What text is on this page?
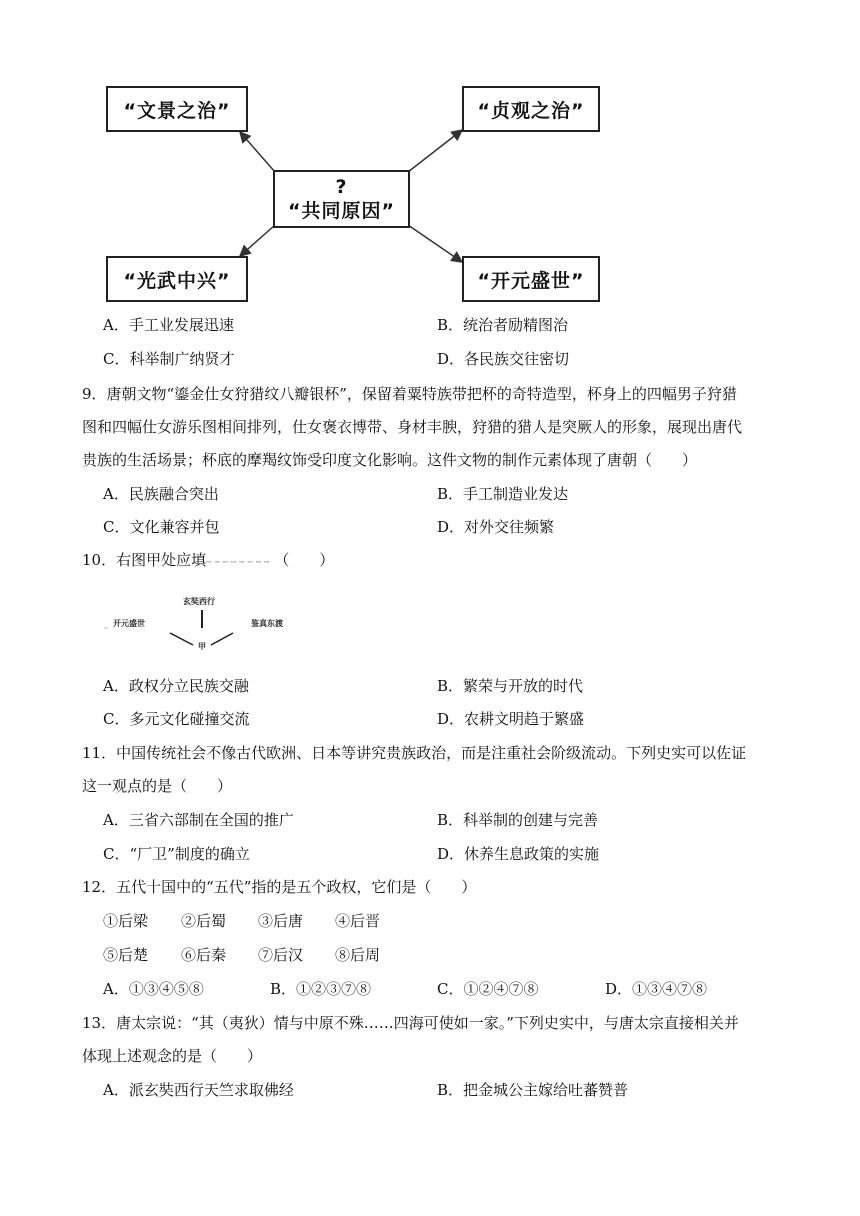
“文景之治”	“贞观之治”
?
“共同原因”
“光武中兴”	“开元盛世”
A．手工业发展迅速	B．统治者励精图治
C．科举制广纳贤才	D．各民族交往密切
9．唐朝文物“鎏金仕女狩猎纹八瓣银杯”，保留着粟特族带把杯的奇特造型，杯身上的四幅男子狩猎
图和四幅仕女游乐图相间排列，仕女褒衣博带、身材丰腴，狩猎的猎人是突厥人的形象，展现出唐代
贵族的生活场景；杯底的摩羯纹饰受印度文化影响。这件文物的制作元素体现了唐朝（　　）
A．民族融合突出	B．手工制造业发达
C．文化兼容并包	D．对外交往频繁
10．右图甲处应填┈ ┈ ┈ ┈ ┈ ┈ ┈ ┈ （　　）
玄奘西行
开元盛世	鉴真东渡
甲
A．政权分立民族交融	B．繁荣与开放的时代
C．多元文化碰撞交流	D．农耕文明趋于繁盛
11．中国传统社会不像古代欧洲、日本等讲究贵族政治，而是注重社会阶级流动。下列史实可以佐证
这一观点的是（　　）
A．三省六部制在全国的推广	B．科举制的创建与完善
C．“厂卫”制度的确立	D．休养生息政策的实施
12．五代十国中的“五代”指的是五个政权，它们是（　　）
①后梁 ②后蜀 ③后唐 ④后晋
⑤后楚 ⑥后秦 ⑦后汉 ⑧后周
A．①③④⑤⑧	B．①②③⑦⑧	C．①②④⑦⑧	D．①③④⑦⑧
13．唐太宗说：“其（夷狄）情与中原不殊……四海可使如一家。”下列史实中，与唐太宗直接相关并
体现上述观念的是（　　）
A．派玄奘西行天竺求取佛经	B．把金城公主嫁给吐蕃赞普
